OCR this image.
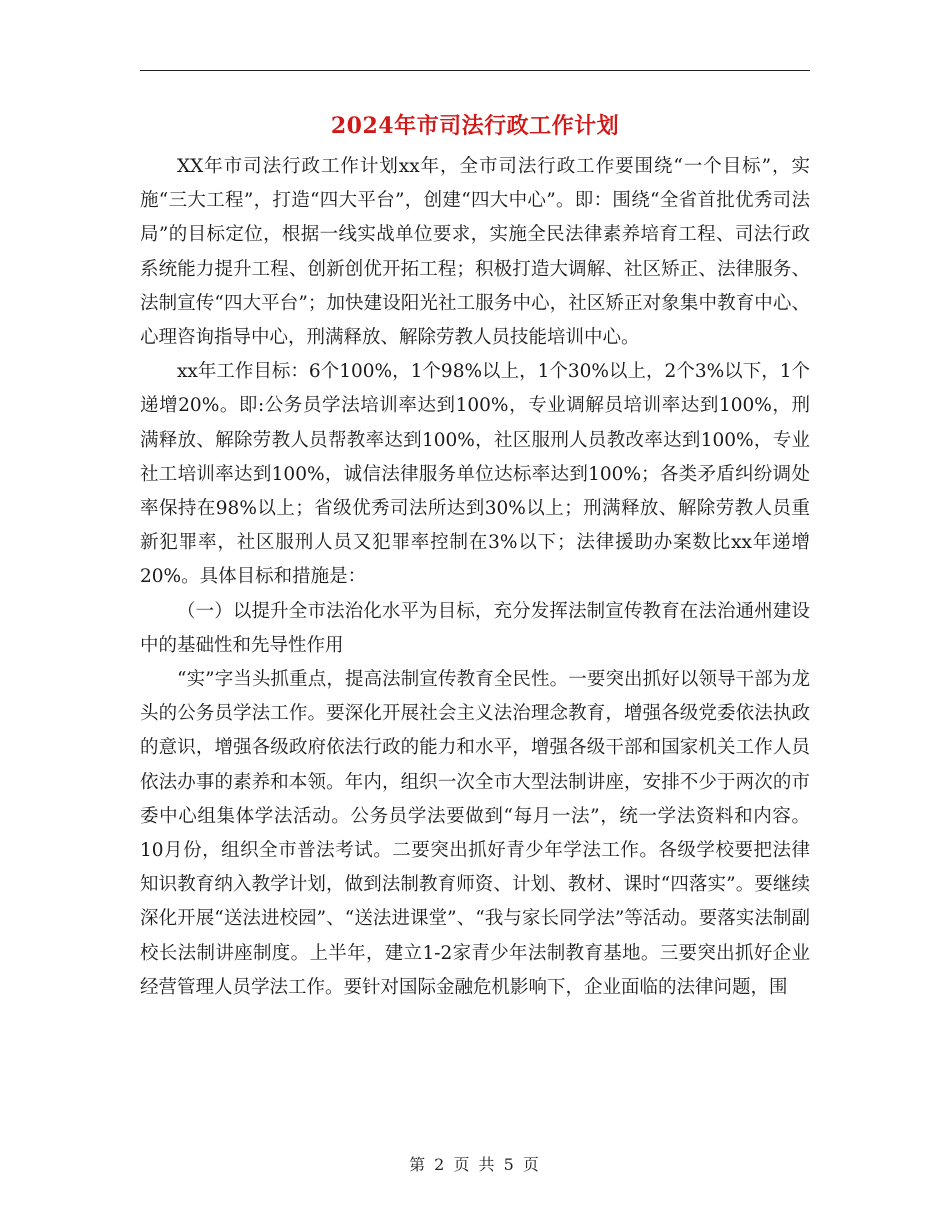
2024年市司法行政工作计划

XX年市司法行政工作计划xx年，全市司法行政工作要围绕“一个目标”，实施“三大工程”，打造“四大平台”，创建“四大中心”。即：围绕“全省首批优秀司法局”的目标定位，根据一线实战单位要求，实施全民法律素养培育工程、司法行政系统能力提升工程、创新创优开拓工程；积极打造大调解、社区矫正、法律服务、法制宣传“四大平台”；加快建设阳光社工服务中心，社区矫正对象集中教育中心、心理咨询指导中心，刑满释放、解除劳教人员技能培训中心。

xx年工作目标：6个100%，1个98%以上，1个30%以上，2个3%以下，1个递增20%。即:公务员学法培训率达到100%，专业调解员培训率达到100%，刑满释放、解除劳教人员帮教率达到100%，社区服刑人员教改率达到100%，专业社工培训率达到100%，诚信法律服务单位达标率达到100%；各类矛盾纠纷调处率保持在98%以上；省级优秀司法所达到30%以上；刑满释放、解除劳教人员重新犯罪率，社区服刑人员又犯罪率控制在3%以下；法律援助办案数比xx年递增20%。具体目标和措施是：

（一）以提升全市法治化水平为目标，充分发挥法制宣传教育在法治通州建设中的基础性和先导性作用

“实”字当头抓重点，提高法制宣传教育全民性。一要突出抓好以领导干部为龙头的公务员学法工作。要深化开展社会主义法治理念教育，增强各级党委依法执政的意识，增强各级政府依法行政的能力和水平，增强各级干部和国家机关工作人员依法办事的素养和本领。年内，组织一次全市大型法制讲座，安排不少于两次的市委中心组集体学法活动。公务员学法要做到“每月一法”，统一学法资料和内容。10月份，组织全市普法考试。二要突出抓好青少年学法工作。各级学校要把法律知识教育纳入教学计划，做到法制教育师资、计划、教材、课时“四落实”。要继续深化开展“送法进校园”、“送法进课堂”、“我与家长同学法”等活动。要落实法制副校长法制讲座制度。上半年，建立1-2家青少年法制教育基地。三要突出抓好企业经营管理人员学法工作。要针对国际金融危机影响下，企业面临的法律问题，围

第 2 页 共 5 页
